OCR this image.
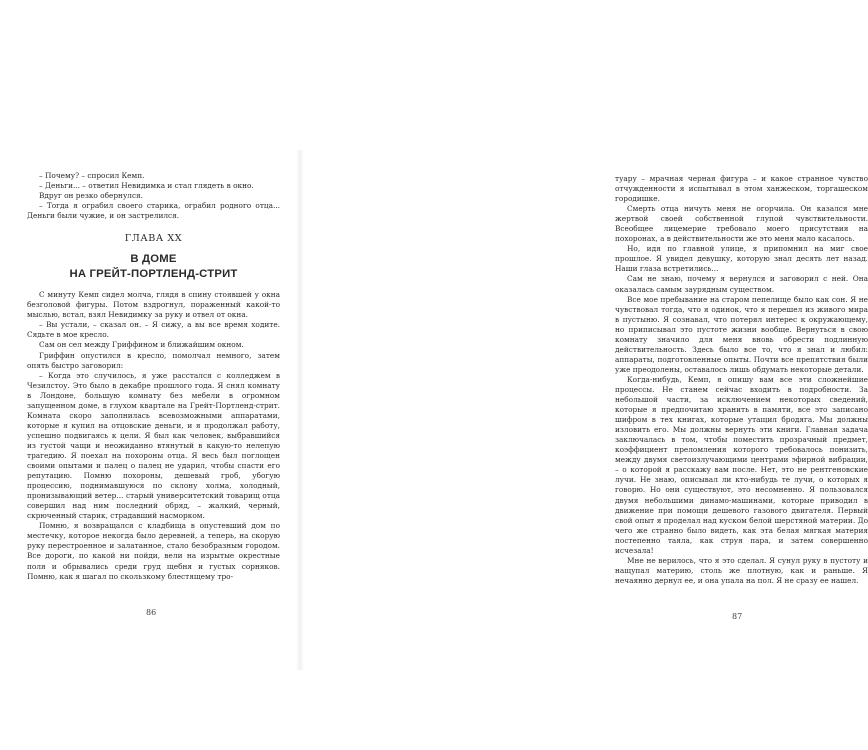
– Почему? – спросил Кемп.

– Деньги... – ответил Невидимка и стал глядеть в окно.

Вдруг он резко обернулся.

– Тогда я ограбил своего старика, ограбил родного отца... Деньги были чужие, и он застрелился.

ГЛАВА XX
В ДОМЕ
НА ГРЕЙТ-ПОРТЛЕНД-СТРИТ

С минуту Кемп сидел молча, глядя в спину стоявшей у окна безголовой фигуры. Потом вздрогнул, пораженный какой-то мыслью, встал, взял Невидимку за руку и отвел от окна.

– Вы устали, – сказал он. – Я сижу, а вы все время ходите. Сядьте в мое кресло.

Сам он сел между Гриффином и ближайшим окном.

Гриффин опустился в кресло, помолчал немного, затем опять быстро заговорил:

– Когда это случилось, я уже расстался с колледжем в Чезилстоу. Это было в декабре прошлого года. Я снял комнату в Лондоне, большую комнату без мебели в огромном запущенном доме, в глухом квартале на Грейт-Портленд-стрит. Комната скоро заполнилась всевозможными аппаратами, которые я купил на отцовские деньги, и я продолжал работу, успешно подвигаясь к цели. Я был как человек, выбравшийся из густой чащи и неожиданно втянутый в какую-то нелепую трагедию. Я поехал на похороны отца. Я весь был поглощен своими опытами и палец о палец не ударил, чтобы спасти его репутацию. Помню похороны, дешевый гроб, убогую процессию, поднимавшуюся по склону холма, холодный, пронизывающий ветер... старый университетский товарищ отца совершил над ним последний обряд, – жалкий, черный, скрюченный старик, страдавший насморком.

Помню, я возвращался с кладбища в опустевший дом по местечку, которое некогда было деревней, а теперь, на скорую руку перестроенное и залатанное, стало безобразным городом. Все дороги, по какой ни пойди, вели на изрытые окрестные поля и обрывались среди груд щебня и густых сорняков. Помню, как я шагал по скользкому блестящему тро-

86

туару – мрачная черная фигура – и какое странное чувство отчужденности я испытывал в этом ханжеском, торгашеском городишке.

Смерть отца ничуть меня не огорчила. Он казался мне жертвой своей собственной глупой чувствительности. Всеобщее лицемерие требовало моего присутствия на похоронах, а в действительности же это меня мало касалось.

Но, идя по главной улице, я припомнил на миг свое прошлое. Я увидел девушку, которую знал десять лет назад. Наши глаза встретились...

Сам не знаю, почему я вернулся и заговорил с ней. Она оказалась самым заурядным существом.

Все мое пребывание на старом пепелище было как сон. Я не чувствовал тогда, что я одинок, что я перешел из живого мира в пустыню. Я сознавал, что потерял интерес к окружающему, но приписывал это пустоте жизни вообще. Вернуться в свою комнату значило для меня вновь обрести подлинную действительность. Здесь было все то, что я знал и любил: аппараты, подготовленные опыты. Почти все препятствия были уже преодолены, оставалось лишь обдумать некоторые детали.

Когда-нибудь, Кемп, я опишу вам все эти сложнейшие процессы. Не станем сейчас входить в подробности. За небольшой части, за исключением некоторых сведений, которые я предпочитаю хранить в памяти, все это записано шифром в тех книгах, которые утащил бродяга. Мы должны изловить его. Мы должны вернуть эти книги. Главная задача заключалась в том, чтобы поместить прозрачный предмет, коэффициент преломления которого требовалось понизить, между двумя светоизлучающими центрами эфирной вибрации, – о которой я расскажу вам после. Нет, это не рентгеновские лучи. Не знаю, описывал ли кто-нибудь те лучи, о которых я говорю. Но они существуют, это несомненно. Я пользовался двумя небольшими динамо-машинами, которые приводил в движение при помощи дешевого газового двигателя. Первый свой опыт я проделал над куском белой шерстяной материи. До чего же странно было видеть, как эта белая мягкая материя постепенно таяла, как струя пара, и затем совершенно исчезала!

Мне не верилось, что я это сделал. Я сунул руку в пустоту и нащупал материю, столь же плотную, как и раньше. Я нечаянно дернул ее, и она упала на пол. Я не сразу ее нашел.

87
